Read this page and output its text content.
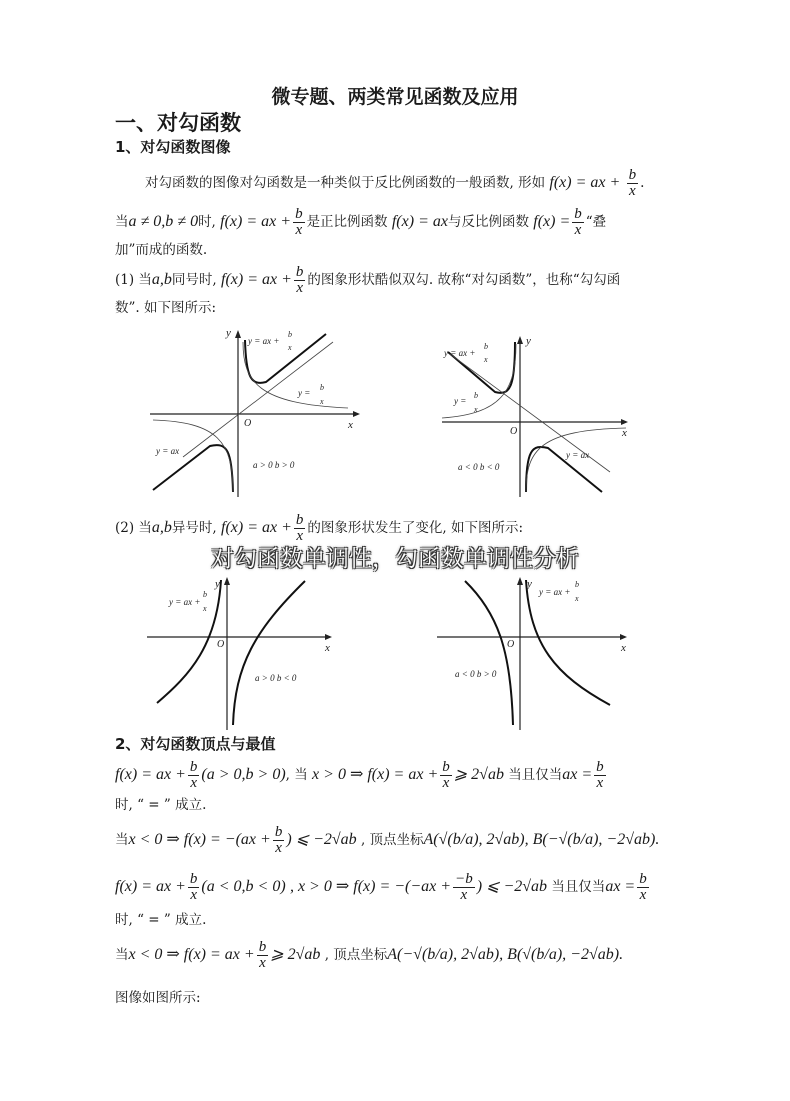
微专题、两类常见函数及应用
一、对勾函数
1、对勾函数图像
对勾函数的图像对勾函数是一种类似于反比例函数的一般函数, 形如 f(x) = ax + $\frac{b}{x}$ .
当a ≠ 0,b ≠ 0时, f(x) = ax + $\frac{b}{x}$ 是正比例函数 f(x) = ax与反比例函数 $f(x) = \frac{b}{x}$ “叠
加”而成的函数.
(1) 当a,b同号时, f(x) = ax + $\frac{b}{x}$ 的图象形状酷似双勾. 故称“对勾函数”，也称“勾勾函
数”. 如下图所示:
y
x
O
y = ax +
b
x
y =
b
x
y = ax
a > 0 b > 0
y
x
O
y = ax +
b
x
y =
b
x
y = ax
a < 0 b < 0
(2) 当a,b异号时, f(x) = ax + $\frac{b}{x}$ 的图象形状发生了变化, 如下图所示:
y
x
O
y = ax +
b
x
a > 0 b < 0
y
x
O
y = ax +
b
x
a < 0 b > 0
对勾函数单调性，勾函数单调性分析
2、对勾函数顶点与最值
f(x) = ax + $\frac{b}{x} (a > 0,b > 0)$, 当 x > 0 ⇒ f(x) = ax + $\frac{b}{x}$ ⩾ 2√ab 当且仅当ax = $\frac{b}{x}$
时, “ = ” 成立.
当x < 0 ⇒ $f(x) = -(ax + \frac{b}{x}$ ) ⩽ −2√ab , 顶点坐标A(√(b/a), 2√ab), B(−√(b/a), −2√ab).
f(x) = ax + $\frac{b}{x} (a < 0,b < 0)$ , x > 0 ⇒ $f(x) = -(-ax + \frac{-b}{x}$ ) ⩽ −2√ab 当且仅当ax = $\frac{b}{x}$
时, “ = ” 成立.
当x < 0 ⇒ f(x) = ax + $\frac{b}{x}$ ⩾ 2√ab , 顶点坐标A(−√(b/a), 2√ab), B(√(b/a), −2√ab).
图像如图所示:
